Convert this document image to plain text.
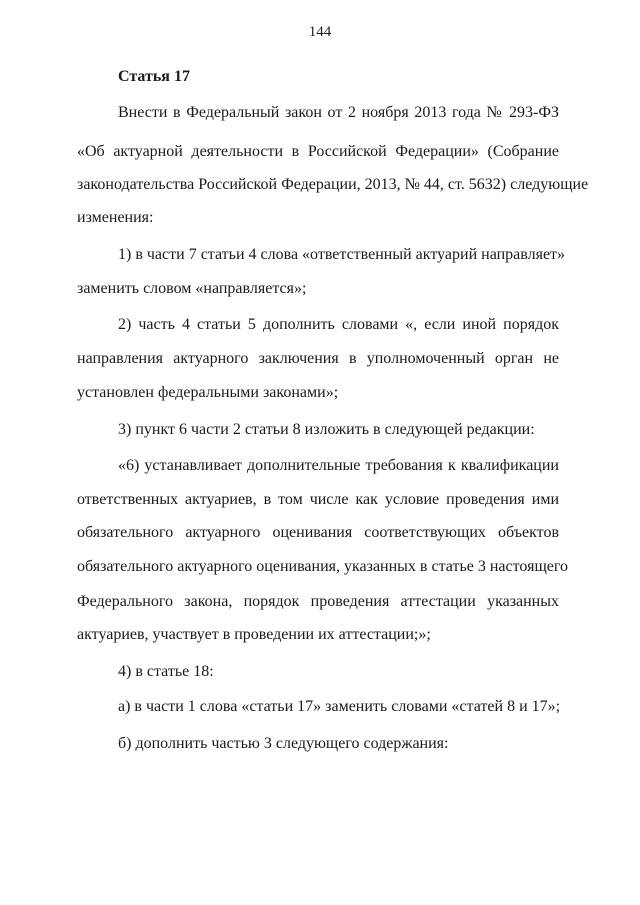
144
Статья 17
Внести в Федеральный закон от 2 ноября 2013 года № 293-ФЗ
«Об актуарной деятельности в Российской Федерации» (Собрание
законодательства Российской Федерации, 2013, № 44, ст. 5632) следующие
изменения:
1) в части 7 статьи 4 слова «ответственный актуарий направляет»
заменить словом «направляется»;
2) часть 4 статьи 5 дополнить словами «, если иной порядок
направления актуарного заключения в уполномоченный орган не
установлен федеральными законами»;
3) пункт 6 части 2 статьи 8 изложить в следующей редакции:
«6) устанавливает дополнительные требования к квалификации
ответственных актуариев, в том числе как условие проведения ими
обязательного актуарного оценивания соответствующих объектов
обязательного актуарного оценивания, указанных в статье 3 настоящего
Федерального закона, порядок проведения аттестации указанных
актуариев, участвует в проведении их аттестации;»;
4) в статье 18:
а) в части 1 слова «статьи 17» заменить словами «статей 8 и 17»;
б) дополнить частью 3 следующего содержания:
